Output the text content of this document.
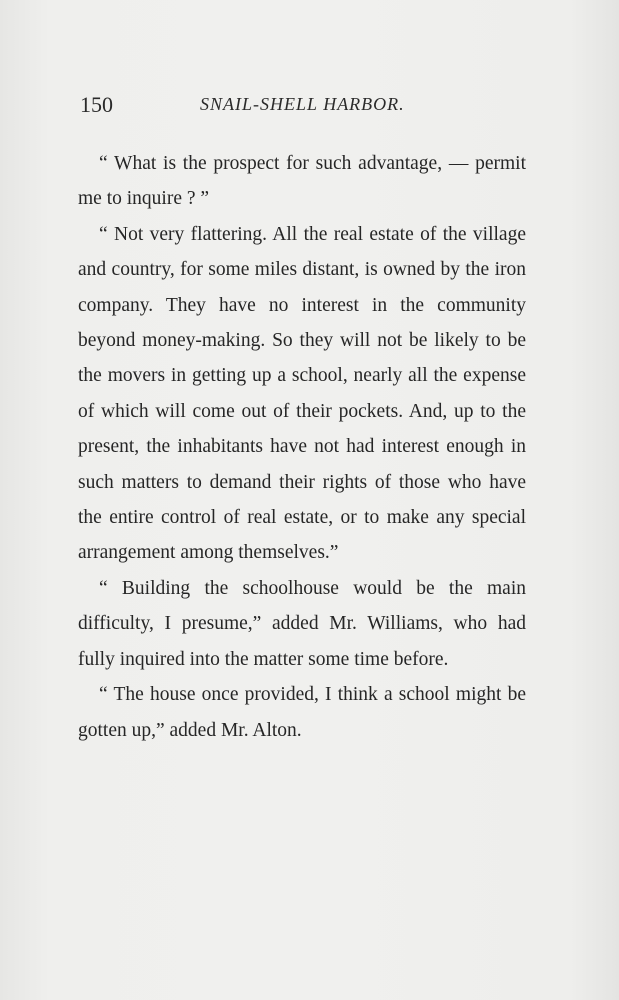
150	SNAIL-SHELL HARBOR.

“ What is the prospect for such advantage, — permit me to inquire ? ”

“ Not very flattering. All the real estate of the village and country, for some miles distant, is owned by the iron company. They have no interest in the community beyond money-making. So they will not be likely to be the movers in getting up a school, nearly all the expense of which will come out of their pockets. And, up to the present, the inhabitants have not had interest enough in such matters to demand their rights of those who have the entire control of real estate, or to make any special arrangement among themselves.”

“ Building the schoolhouse would be the main difficulty, I presume,” added Mr. Williams, who had fully inquired into the matter some time before.

“ The house once provided, I think a school might be gotten up,” added Mr. Alton.
